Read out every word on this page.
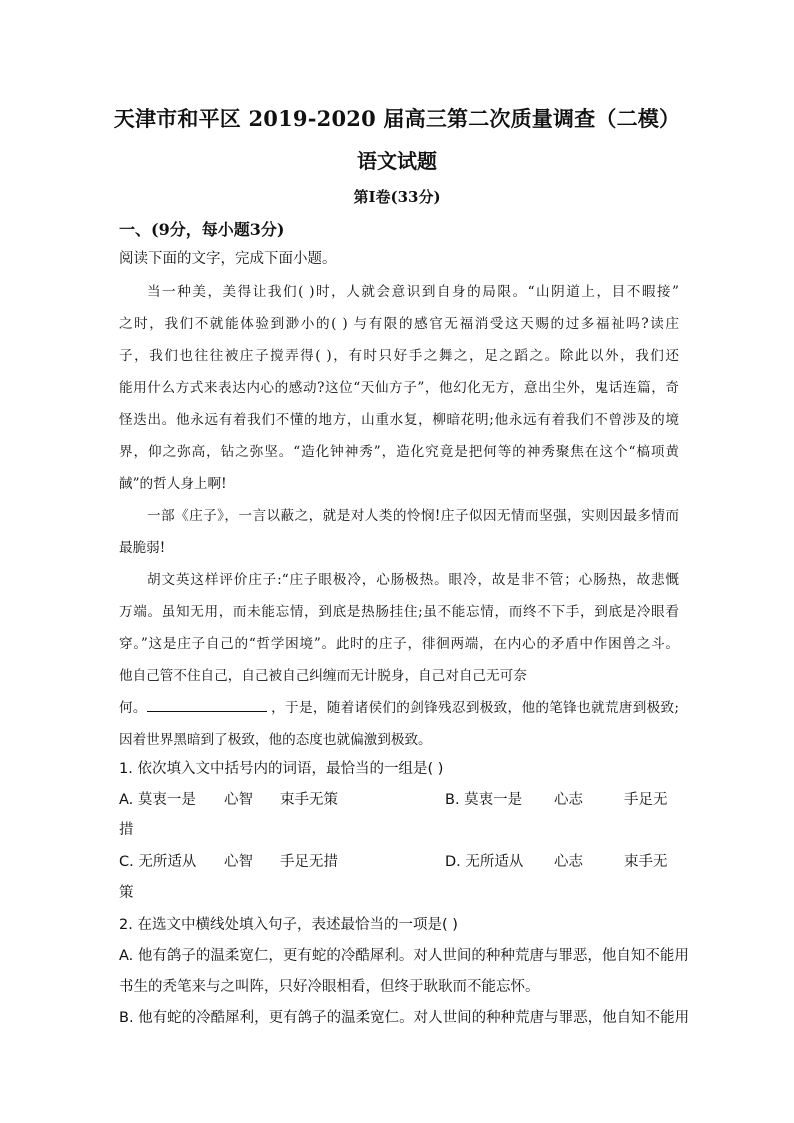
天津市和平区 2019-2020 届高三第二次质量调查（二模）
语文试题
第Ⅰ卷(33分)
一、(9分，每小题3分)
阅读下面的文字，完成下面小题。
当一种美，美得让我们( )时，人就会意识到自身的局限。“山阴道上，目不暇接”
之时，我们不就能体验到渺小的( ) 与有限的感官无福消受这天赐的过多福祉吗?读庄
子，我们也往往被庄子搅弄得( )，有时只好手之舞之，足之蹈之。除此以外，我们还
能用什么方式来表达内心的感动?这位“天仙方子”，他幻化无方，意出尘外，鬼话连篇，奇
怪迭出。他永远有着我们不懂的地方，山重水复，柳暗花明;他永远有着我们不曾涉及的境
界，仰之弥高，钻之弥坚。“造化钟神秀”，造化究竟是把何等的神秀聚焦在这个“槁项黄
馘”的哲人身上啊!
一部《庄子》，一言以蔽之，就是对人类的怜悯!庄子似因无情而坚强，实则因最多情而
最脆弱!
胡文英这样评价庄子:“庄子眼极冷，心肠极热。眼冷，故是非不管；心肠热，故悲慨
万端。虽知无用，而未能忘情，到底是热肠挂住;虽不能忘情，而终不下手，到底是冷眼看
穿。”这是庄子自己的“哲学困境”。此时的庄子，徘徊两端，在内心的矛盾中作困兽之斗。
他自己管不住自己，自己被自己纠缠而无计脱身，自己对自己无可奈
何。	，于是，随着诸侯们的剑锋残忍到极致，他的笔锋也就荒唐到极致;
因着世界黑暗到了极致，他的态度也就偏激到极致。
1. 依次填入文中括号内的词语，最恰当的一组是( )
A. 莫衷一是 心智 束手无策	B. 莫衷一是 心志	手足无
措
C. 无所适从 心智 手足无措	D. 无所适从 心志	束手无
策
2. 在选文中横线处填入句子，表述最恰当的一项是( )
A. 他有鸽子的温柔宽仁，更有蛇的冷酷犀利。对人世间的种种荒唐与罪恶，他自知不能用
书生的秃笔来与之叫阵，只好冷眼相看，但终于耿耿而不能忘怀。
B. 他有蛇的冷酷犀利，更有鸽子的温柔宽仁。对人世间的种种荒唐与罪恶，他自知不能用
